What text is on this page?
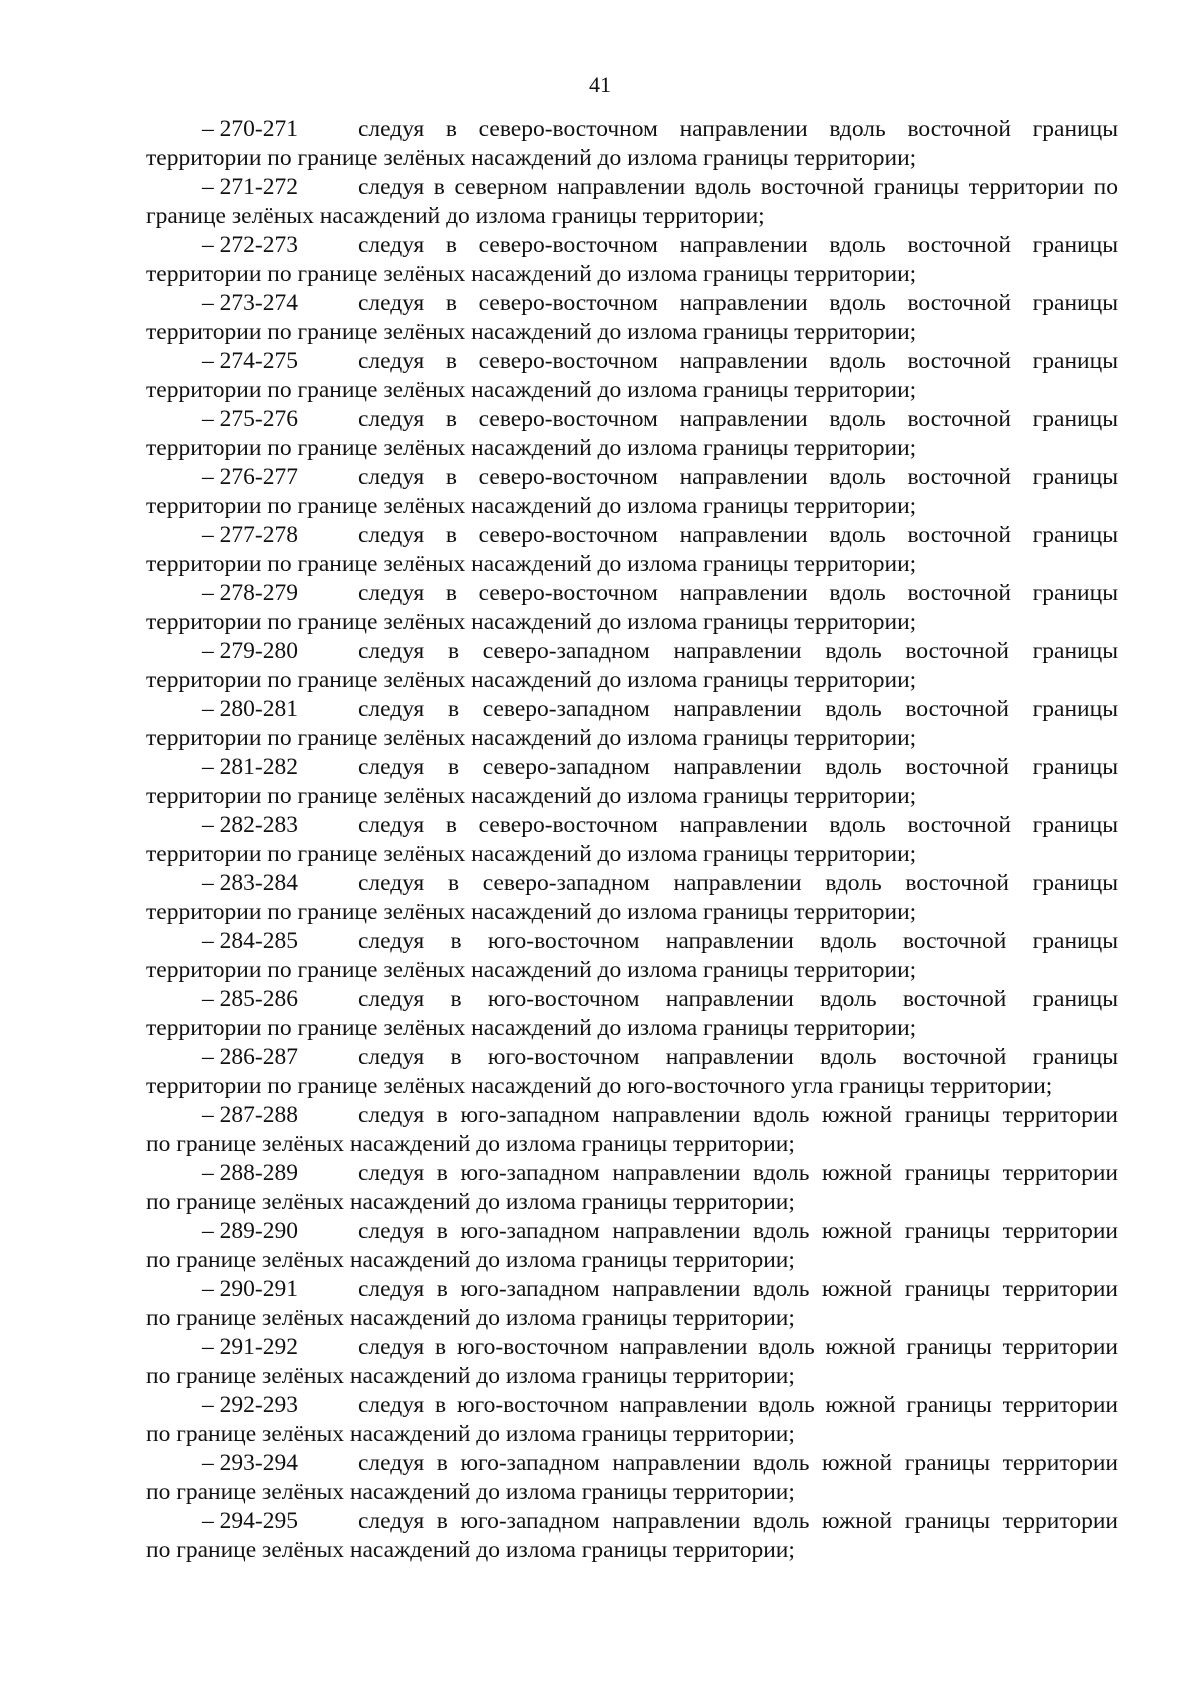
41
– 270-271	следуя в северо-восточном направлении вдоль восточной границы
территории по границе зелёных насаждений до излома границы территории;
– 271-272	следуя в северном направлении вдоль восточной границы территории по
границе зелёных насаждений до излома границы территории;
– 272-273	следуя в северо-восточном направлении вдоль восточной границы
территории по границе зелёных насаждений до излома границы территории;
– 273-274	следуя в северо-восточном направлении вдоль восточной границы
территории по границе зелёных насаждений до излома границы территории;
– 274-275	следуя в северо-восточном направлении вдоль восточной границы
территории по границе зелёных насаждений до излома границы территории;
– 275-276	следуя в северо-восточном направлении вдоль восточной границы
территории по границе зелёных насаждений до излома границы территории;
– 276-277	следуя в северо-восточном направлении вдоль восточной границы
территории по границе зелёных насаждений до излома границы территории;
– 277-278	следуя в северо-восточном направлении вдоль восточной границы
территории по границе зелёных насаждений до излома границы территории;
– 278-279	следуя в северо-восточном направлении вдоль восточной границы
территории по границе зелёных насаждений до излома границы территории;
– 279-280	следуя в северо-западном направлении вдоль восточной границы
территории по границе зелёных насаждений до излома границы территории;
– 280-281	следуя в северо-западном направлении вдоль восточной границы
территории по границе зелёных насаждений до излома границы территории;
– 281-282	следуя в северо-западном направлении вдоль восточной границы
территории по границе зелёных насаждений до излома границы территории;
– 282-283	следуя в северо-восточном направлении вдоль восточной границы
территории по границе зелёных насаждений до излома границы территории;
– 283-284	следуя в северо-западном направлении вдоль восточной границы
территории по границе зелёных насаждений до излома границы территории;
– 284-285	следуя в юго-восточном направлении вдоль восточной границы
территории по границе зелёных насаждений до излома границы территории;
– 285-286	следуя в юго-восточном направлении вдоль восточной границы
территории по границе зелёных насаждений до излома границы территории;
– 286-287	следуя в юго-восточном направлении вдоль восточной границы
территории по границе зелёных насаждений до юго-восточного угла границы территории;
– 287-288	следуя в юго-западном направлении вдоль южной границы территории
по границе зелёных насаждений до излома границы территории;
– 288-289	следуя в юго-западном направлении вдоль южной границы территории
по границе зелёных насаждений до излома границы территории;
– 289-290	следуя в юго-западном направлении вдоль южной границы территории
по границе зелёных насаждений до излома границы территории;
– 290-291	следуя в юго-западном направлении вдоль южной границы территории
по границе зелёных насаждений до излома границы территории;
– 291-292	следуя в юго-восточном направлении вдоль южной границы территории
по границе зелёных насаждений до излома границы территории;
– 292-293	следуя в юго-восточном направлении вдоль южной границы территории
по границе зелёных насаждений до излома границы территории;
– 293-294	следуя в юго-западном направлении вдоль южной границы территории
по границе зелёных насаждений до излома границы территории;
– 294-295	следуя в юго-западном направлении вдоль южной границы территории
по границе зелёных насаждений до излома границы территории;
